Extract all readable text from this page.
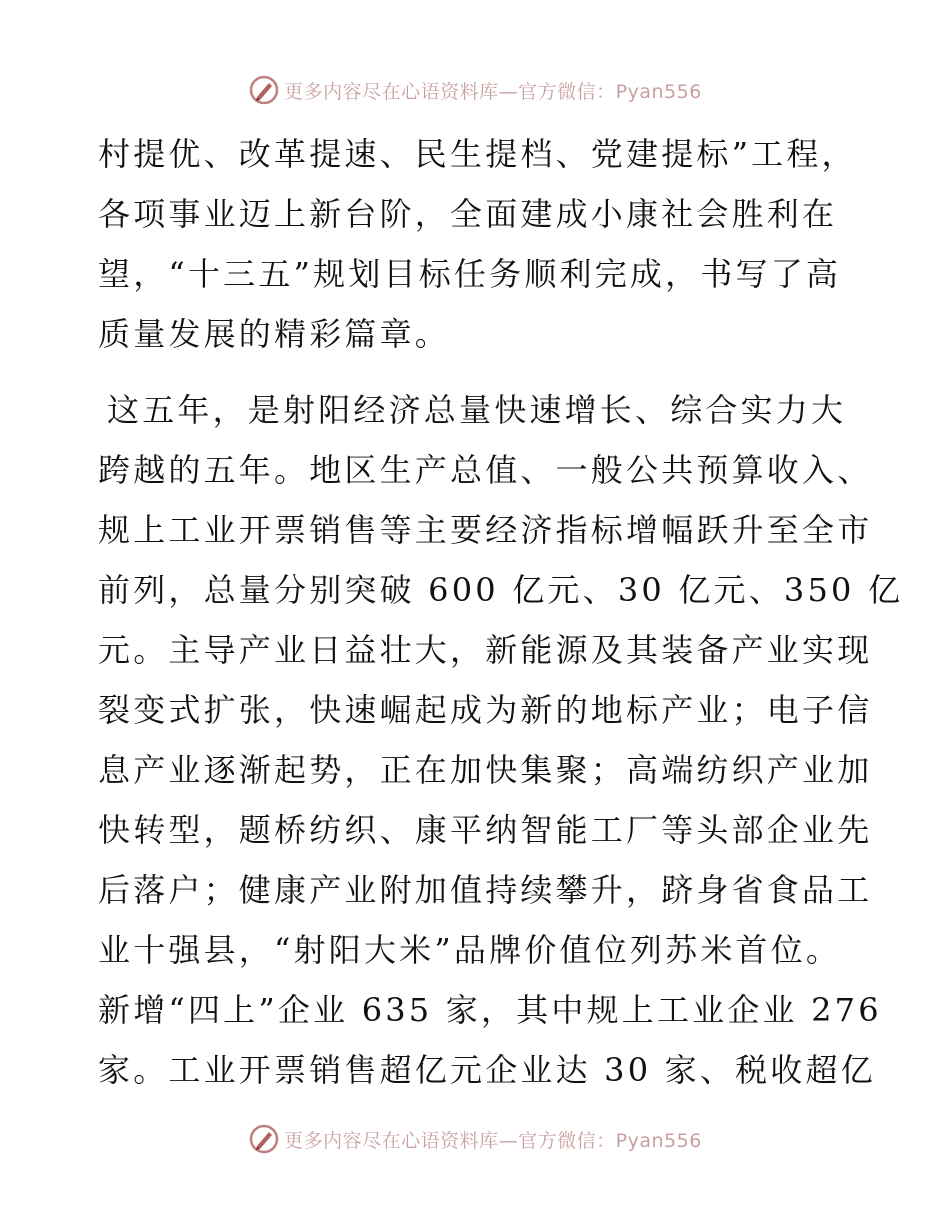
更多内容尽在心语资料库—官方微信：Pyan556
村提优、改革提速、民生提档、党建提标”工程，
各项事业迈上新台阶，全面建成小康社会胜利在
望，“十三五”规划目标任务顺利完成，书写了高
质量发展的精彩篇章。
这五年，是射阳经济总量快速增长、综合实力大
跨越的五年。地区生产总值、一般公共预算收入、
规上工业开票销售等主要经济指标增幅跃升至全市
前列，总量分别突破 600 亿元、30 亿元、350 亿
元。主导产业日益壮大，新能源及其装备产业实现
裂变式扩张，快速崛起成为新的地标产业；电子信
息产业逐渐起势，正在加快集聚；高端纺织产业加
快转型，题桥纺织、康平纳智能工厂等头部企业先
后落户；健康产业附加值持续攀升，跻身省食品工
业十强县，“射阳大米”品牌价值位列苏米首位。
新增“四上”企业 635 家，其中规上工业企业 276
家。工业开票销售超亿元企业达 30 家、税收超亿
更多内容尽在心语资料库—官方微信：Pyan556
